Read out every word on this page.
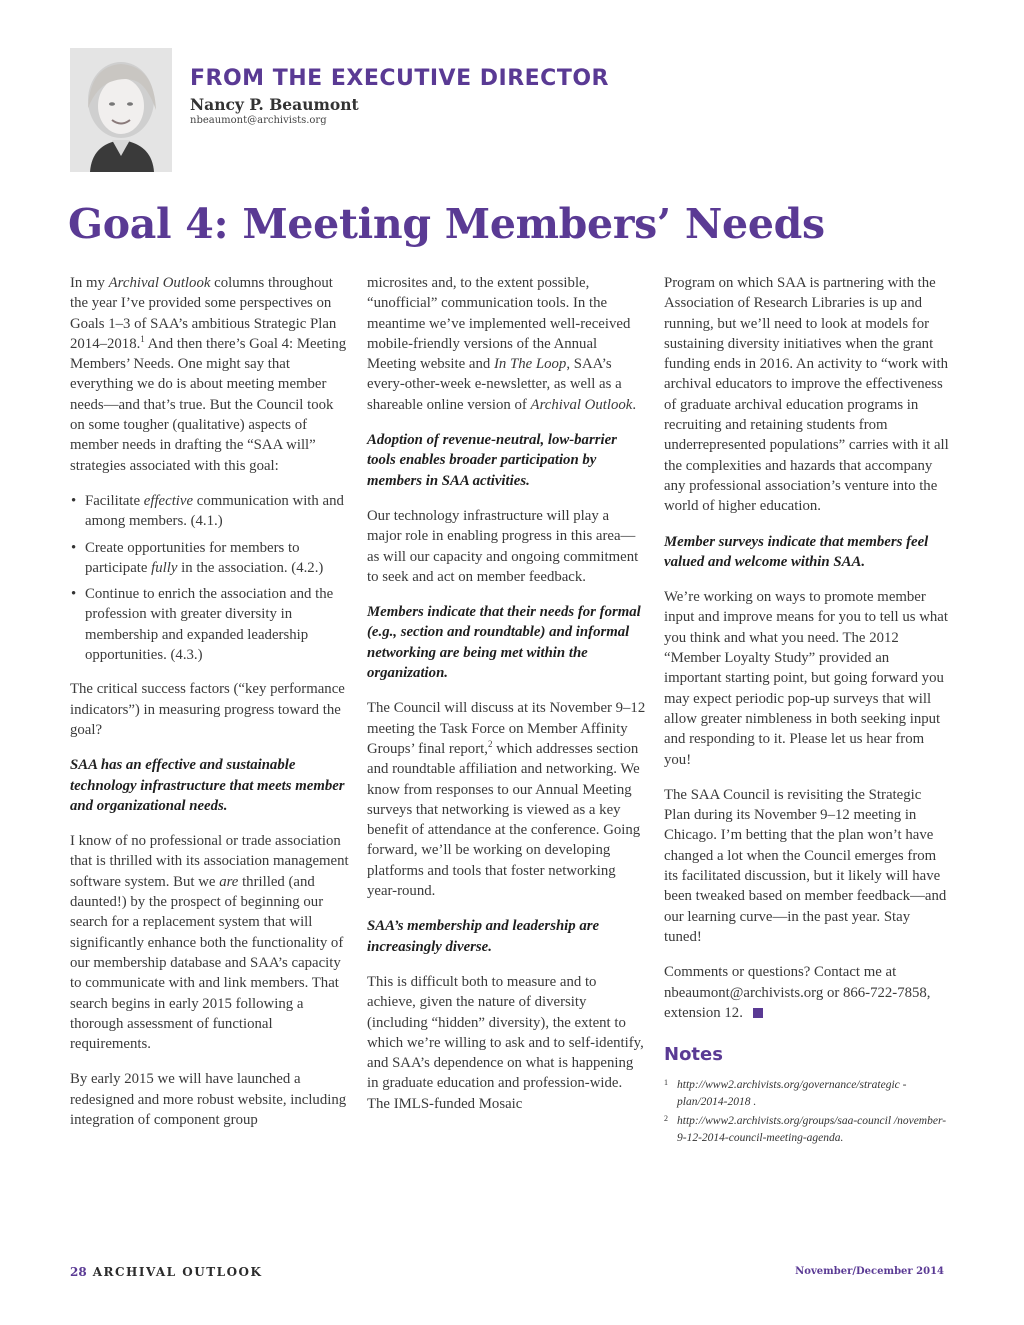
FROM THE EXECUTIVE DIRECTOR

Nancy P. Beaumont

nbeaumont@archivists.org

Goal 4: Meeting Members’ Needs

In my Archival Outlook columns throughout the year I’ve provided some perspectives on Goals 1–3 of SAA’s ambitious Strategic Plan 2014–2018.$^1$ And then there’s Goal 4: Meeting Members’ Needs. One might say that everything we do is about meeting member needs—and that’s true. But the Council took on some tougher (qualitative) aspects of member needs in drafting the “SAA will” strategies associated with this goal:

• Facilitate effective communication with and among members. (4.1.)
• Create opportunities for members to participate fully in the association. (4.2.)
• Continue to enrich the association and the profession with greater diversity in membership and expanded leadership opportunities. (4.3.)

The critical success factors (“key performance indicators”) in measuring progress toward the goal?

SAA has an effective and sustainable technology infrastructure that meets member and organizational needs.

I know of no professional or trade association that is thrilled with its association management software system. But we are thrilled (and daunted!) by the prospect of beginning our search for a replacement system that will significantly enhance both the functionality of our membership database and SAA’s capacity to communicate with and link members. That search begins in early 2015 following a thorough assessment of functional requirements.

By early 2015 we will have launched a redesigned and more robust website, including integration of component group

microsites and, to the extent possible, “unofficial” communication tools. In the meantime we’ve implemented well-received mobile-friendly versions of the Annual Meeting website and In The Loop, SAA’s every-other-week e-newsletter, as well as a shareable online version of Archival Outlook.

Adoption of revenue-neutral, low-barrier tools enables broader participation by members in SAA activities.

Our technology infrastructure will play a major role in enabling progress in this area—as will our capacity and ongoing commitment to seek and act on member feedback.

Members indicate that their needs for formal (e.g., section and roundtable) and informal networking are being met within the organization.

The Council will discuss at its November 9–12 meeting the Task Force on Member Affinity Groups’ final report,$^2$ which addresses section and roundtable affiliation and networking. We know from responses to our Annual Meeting surveys that networking is viewed as a key benefit of attendance at the conference. Going forward, we’ll be working on developing platforms and tools that foster networking year-round.

SAA’s membership and leadership are increasingly diverse.

This is difficult both to measure and to achieve, given the nature of diversity (including “hidden” diversity), the extent to which we’re willing to ask and to self-identify, and SAA’s dependence on what is happening in graduate education and profession-wide. The IMLS-funded Mosaic

Program on which SAA is partnering with the Association of Research Libraries is up and running, but we’ll need to look at models for sustaining diversity initiatives when the grant funding ends in 2016. An activity to “work with archival educators to improve the effectiveness of graduate archival education programs in recruiting and retaining students from underrepresented populations” carries with it all the complexities and hazards that accompany any professional association’s venture into the world of higher education.

Member surveys indicate that members feel valued and welcome within SAA.

We’re working on ways to promote member input and improve means for you to tell us what you think and what you need. The 2012 “Member Loyalty Study” provided an important starting point, but going forward you may expect periodic pop-up surveys that will allow greater nimbleness in both seeking input and responding to it. Please let us hear from you!

The SAA Council is revisiting the Strategic Plan during its November 9–12 meeting in Chicago. I’m betting that the plan won’t have changed a lot when the Council emerges from its facilitated discussion, but it likely will have been tweaked based on member feedback—and our learning curve—in the past year. Stay tuned!

Comments or questions? Contact me at nbeaumont@archivists.org or 866-722-7858, extension 12.

Notes

1 http://www2.archivists.org/governance/strategic -plan/2014-2018 .

2 http://www2.archivists.org/groups/saa-council /november-9-12-2014-council-meeting-agenda.

28 ARCHIVAL OUTLOOK	November/December 2014
